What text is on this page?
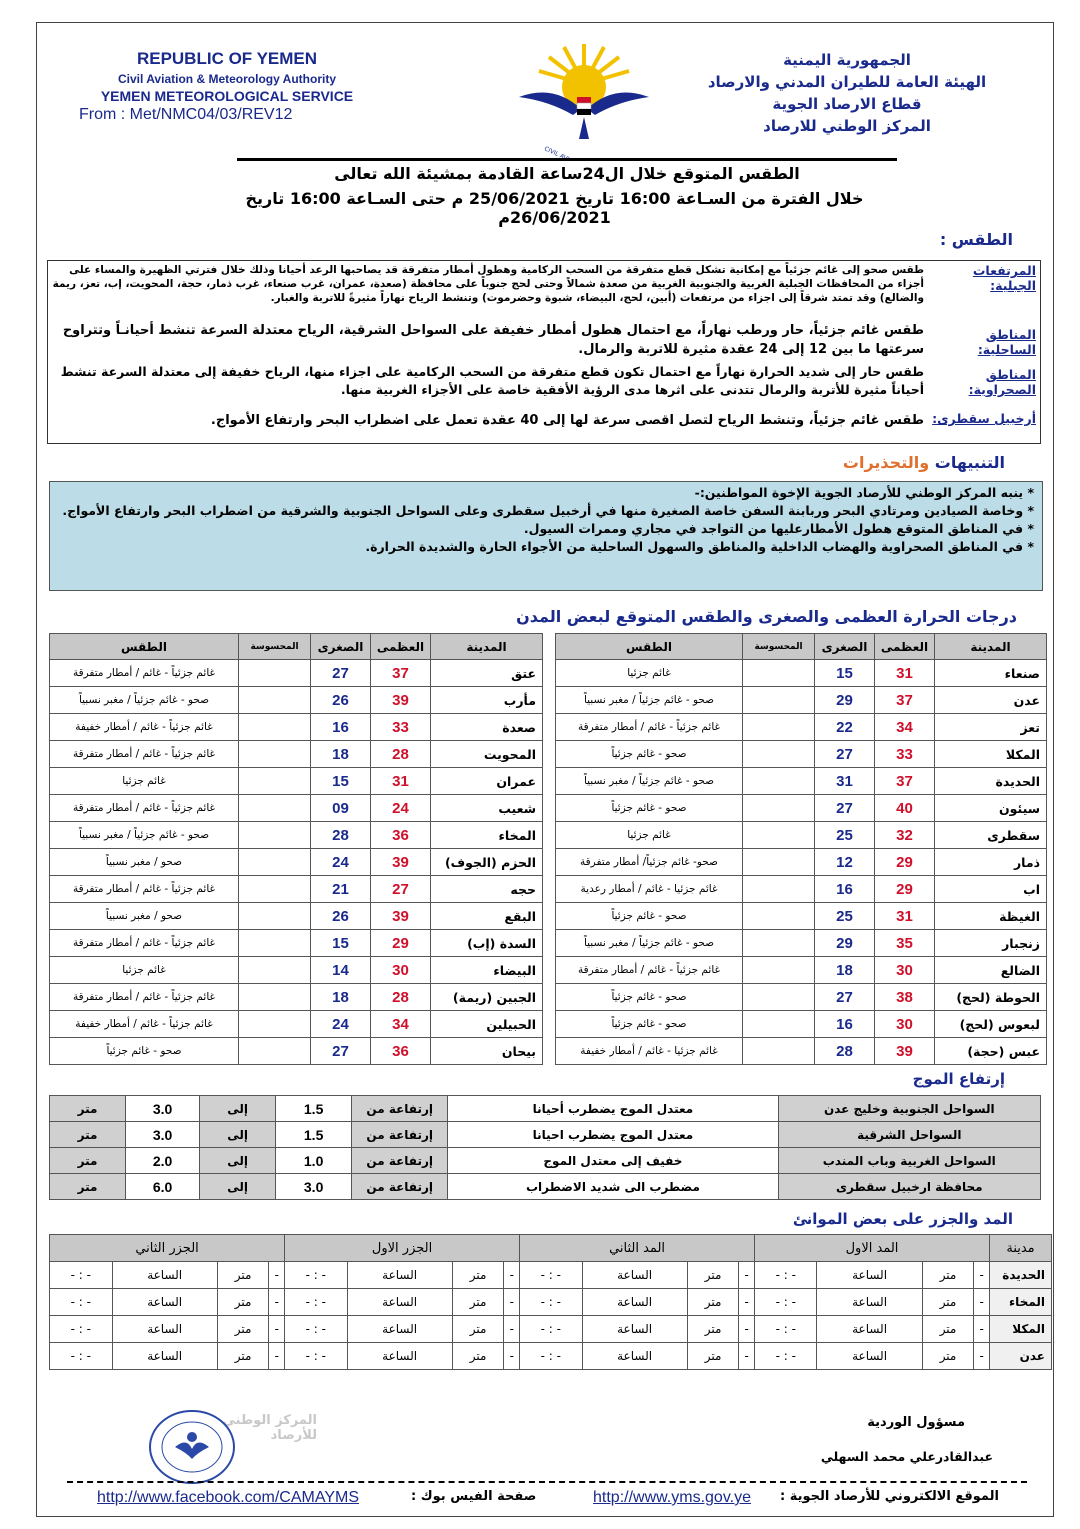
REPUBLIC OF YEMEN
Civil Aviation & Meteorology Authority
YEMEN METEOROLOGICAL SERVICE
From : Met/NMC04/03/REV12
الجمهورية اليمنية
الهيئة العامة للطيران المدني والارصاد
قطاع الارصاد الجوية
المركز الوطني للارصاد
الطقس المتوقع خلال ال24ساعة القادمة بمشيئة الله تعالى
خلال الفترة من السـاعة 16:00 تاريخ 25/06/2021 م حتى السـاعة 16:00 تاريخ 26/06/2021م
الطقس :
المرتفعات الجبلية:
طقس صحو إلى غائم جزئياً مع إمكانية تشكل قطع متفرقة من السحب الركامية وهطول أمطار متفرقة قد يصاحبها الرعد أحيانا وذلك خلال فترتي الظهيرة والمساء على أجزاء من المحافظات الجبلية الغربية والجنوبية الغربية من صعدة شمالاً وحتى لحج جنوباً على محافظة (صعدة، عمران، غرب صنعاء، غرب ذمار، حجة، المحويت، إب، تعز، ريمة والضالع) وقد تمتد شرقاً إلى اجزاء من مرتفعات (أبين، لحج، البيضاء، شبوة وحضرموت) وتنشط الرياح نهاراً مثيرةً للاتربة والغبار.
المناطق الساحلية:
طقس غائم جزئياً، حار ورطب نهاراً، مع احتمال هطول أمطار خفيفة على السواحل الشرقية، الرياح معتدلة السرعة تنشط أحيانـاً وتتراوح سرعتها ما بين 12 إلى 24 عقدة مثيرة للاتربة والرمال.
المناطق الصحراوية:
طقس حار إلى شديد الحرارة نهاراً مع احتمال تكون قطع متفرقة من السحب الركامية على اجزاء منها، الرياح خفيفة إلى معتدلة السرعة تنشط أحياناً مثيرة للأتربة والرمال تتدنى على اثرها مدى الرؤية الأفقية خاصة على الأجزاء الغربية منها.
أرخبيل سقطرى:
طقس غائم جزئياً، وتنشط الرياح لتصل اقصى سرعة لها إلى 40 عقدة تعمل على اضطراب البحر وارتفاع الأمواج.
التنبيهات والتحذيرات
* ينبه المركز الوطني للأرصاد الجوية الإخوة المواطنين:-
* وخاصة الصيادين ومرتادي البحر وربابنة السفن خاصة الصغيرة منها في أرخبيل سقطرى وعلى السواحل الجنوبية والشرقية من اضطراب البحر وارتفاع الأمواج.
* في المناطق المتوقع هطول الأمطارعليها من التواجد في مجاري وممرات السيول.
* في المناطق الصحراوية والهضاب الداخلية والمناطق والسهول الساحلية من الأجواء الحارة والشديدة الحرارة.
درجات الحرارة العظمى والصغرى والطقس المتوقع لبعض المدن
المدينة	العظمى	الصغرى	المحسوسة	الطقس
صنعاء	31	15		غائم جزئيا
عدن	37	29		صحو - غائم جزئياً / مغبر نسبياً
تعز	34	22		غائم جزئياً - غائم / أمطار متفرقة
المكلا	33	27		صحو - غائم جزئياً
الحديدة	37	31		صحو - غائم جزئياً / مغبر نسبياً
سيئون	40	27		صحو - غائم جزئياً
سقطرى	32	25		غائم جزئيا
ذمار	29	12		صحو- غائم جزئياً/ أمطار متفرقة
اب	29	16		غائم جزئيا - غائم / أمطار رعدية
الغيظة	31	25		صحو - غائم جزئياً
زنجبار	35	29		صحو - غائم جزئياً / مغبر نسبياً
الضالع	30	18		غائم جزئياً - غائم / أمطار متفرقة
الحوطة (لحج)	38	27		صحو - غائم جزئياً
لبعوس (لحج)	30	16		صحو - غائم جزئياً
عبس (حجة)	39	28		غائم جزئيا - غائم / أمطار خفيفة
المدينة	العظمى	الصغرى	المحسوسة	الطقس
عتق	37	27		غائم جزئياً - غائم / أمطار متفرقة
مأرب	39	26		صحو - غائم جزئياً / مغبر نسبياً
صعدة	33	16		غائم جزئياً - غائم / أمطار خفيفة
المحويت	28	18		غائم جزئياً - غائم / أمطار متفرقة
عمران	31	15		غائم جزئيا
شعيب	24	09		غائم جزئياً - غائم / أمطار متفرقة
المخاء	36	28		صحو - غائم جزئياً / مغبر نسبياً
الحزم (الجوف)	39	24		صحو / مغبر نسبياً
حجه	27	21		غائم جزئياً - غائم / أمطار متفرقة
البقع	39	26		صحو / مغبر نسبياً
السدة (إب)	29	15		غائم جزئياً - غائم / أمطار متفرقة
البيضاء	30	14		غائم جزئيا
الجبين (ريمة)	28	18		غائم جزئياً - غائم / أمطار متفرقة
الحبيلين	34	24		غائم جزئياً - غائم / أمطار خفيفة
بيحان	36	27		صحو - غائم جزئياً
إرتفاع الموج
السواحل الجنوبية وخليج عدن	معتدل الموج يضطرب أحيانا	إرتفاعة من	1.5	إلى	3.0	متر
السواحل الشرقية	معتدل الموج يضطرب احيانا	إرتفاعة من	1.5	إلى	3.0	متر
السواحل الغربية وباب المندب	خفيف إلى معتدل الموج	إرتفاعة من	1.0	إلى	2.0	متر
محافظة ارخبيل سقطرى	مضطرب الى شديد الاضطراب	إرتفاعة من	3.0	إلى	6.0	متر
المد والجزر على بعض الموانئ
مدينة	المد الاول				المد الثاني				الجزر الاول				الجزر الثاني			
الحديدة	-	متر	الساعة	- : -	-	متر	الساعة	- : -	-	متر	الساعة	- : -	-	متر	الساعة	- : -
المخاء	-	متر	الساعة	- : -	-	متر	الساعة	- : -	-	متر	الساعة	- : -	-	متر	الساعة	- : -
المكلا	-	متر	الساعة	- : -	-	متر	الساعة	- : -	-	متر	الساعة	- : -	-	متر	الساعة	- : -
عدن	-	متر	الساعة	- : -	-	متر	الساعة	- : -	-	متر	الساعة	- : -	-	متر	الساعة	- : -
مسؤول الوردية
عبدالقادرعلي محمد السهلي
المركز الوطني للأرصاد
الموقع الالكتروني للأرصاد الجوية :
http://www.yms.gov.ye
صفحة الفيس بوك :
http://www.facebook.com/CAMAYMS
